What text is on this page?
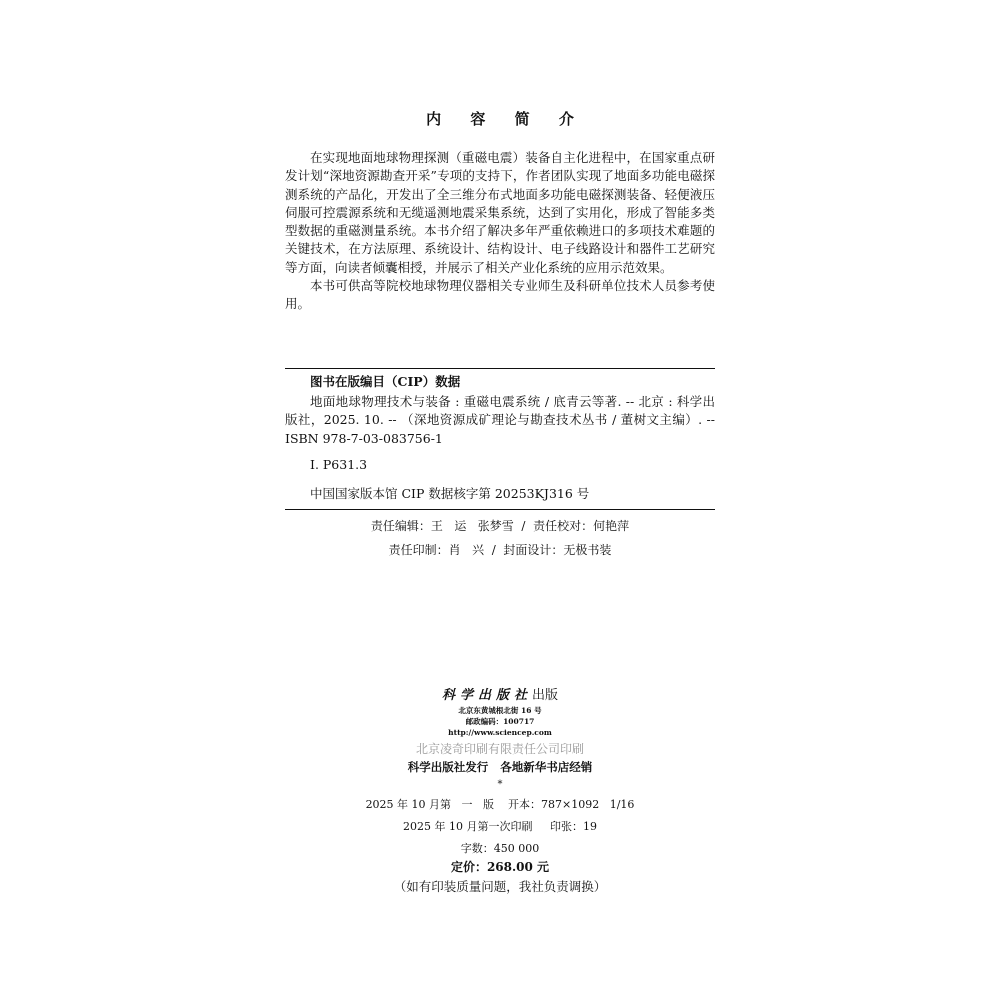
内 容 简 介

在实现地面地球物理探测（重磁电震）装备自主化进程中，在国家重点研发计划“深地资源勘查开采”专项的支持下，作者团队实现了地面多功能电磁探测系统的产品化，开发出了全三维分布式地面多功能电磁探测装备、轻便液压伺服可控震源系统和无缆遥测地震采集系统，达到了实用化，形成了智能多类型数据的重磁测量系统。本书介绍了解决多年严重依赖进口的多项技术难题的关键技术，在方法原理、系统设计、结构设计、电子线路设计和器件工艺研究等方面，向读者倾囊相授，并展示了相关产业化系统的应用示范效果。

本书可供高等院校地球物理仪器相关专业师生及科研单位技术人员参考使用。

图书在版编目（CIP）数据
地面地球物理技术与装备 : 重磁电震系统 / 底青云等著. -- 北京 : 科学出版社，2025. 10. -- （深地资源成矿理论与勘查技术丛书 / 董树文主编）. -- ISBN 978-7-03-083756-1
Ⅰ. P631.3
中国国家版本馆 CIP 数据核字第 20253KJ316 号
责任编辑：王   运   张梦雪  /  责任校对：何艳萍
责任印制：肖   兴  /  封面设计：无极书装
科学出版社出版
北京东黄城根北街 16 号
邮政编码：100717
http://www.sciencep.com
北京凌奇印刷有限责任公司印刷
科学出版社发行   各地新华书店经销
*
2025 年 10 月第   一   版    开本：787×1092   1/16
2025 年 10 月第一次印刷     印张：19
字数：450 000
定价：268.00 元
（如有印装质量问题，我社负责调换）
